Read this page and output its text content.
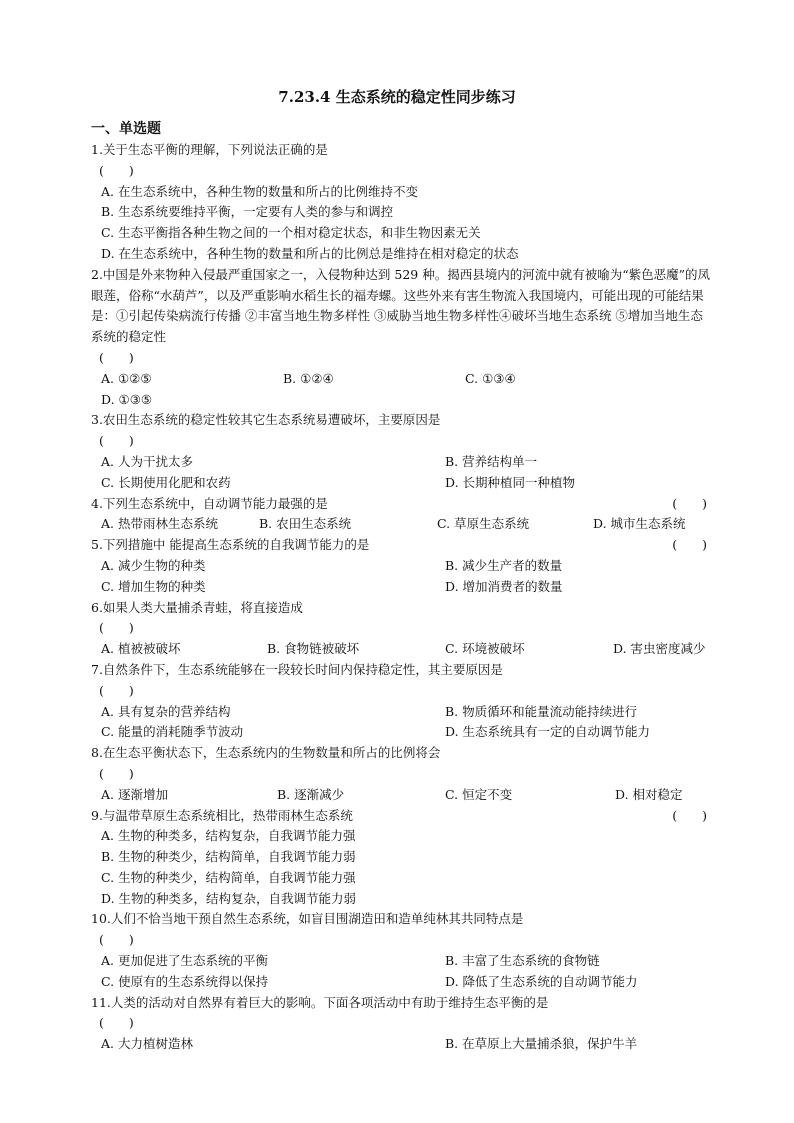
7.23.4 生态系统的稳定性同步练习
一、单选题
1.关于生态平衡的理解，下列说法正确的是
(　　)
A. 在生态系统中，各种生物的数量和所占的比例维持不变
B. 生态系统要维持平衡，一定要有人类的参与和调控
C. 生态平衡指各种生物之间的一个相对稳定状态，和非生物因素无关
D. 在生态系统中，各种生物的数量和所占的比例总是维持在相对稳定的状态
2.中国是外来物种入侵最严重国家之一，入侵物种达到 529 种。揭西县境内的河流中就有被喻为“紫色恶魔”的凤眼莲，俗称“水葫芦”，以及严重影响水稻生长的福寿螺。这些外来有害生物流入我国境内，可能出现的可能结果是：①引起传染病流行传播 ②丰富当地生物多样性 ③威胁当地生物多样性④破坏当地生态系统 ⑤增加当地生态系统的稳定性
(　　)
A. ①②⑤	B. ①②④	C. ①③④
D. ①③⑤
3.农田生态系统的稳定性较其它生态系统易遭破坏，主要原因是
(　　)
A. 人为干扰太多	B. 营养结构单一
C. 长期使用化肥和农药	D. 长期种植同一种植物
4.下列生态系统中，自动调节能力最强的是	(　　)
A. 热带雨林生态系统	B. 农田生态系统	C. 草原生态系统	D. 城市生态系统
5.下列措施中 能提高生态系统的自我调节能力的是	(　　)
A. 减少生物的种类	B. 减少生产者的数量
C. 增加生物的种类	D. 增加消费者的数量
6.如果人类大量捕杀青蛙，将直接造成
(　　)
A. 植被被破坏	B. 食物链被破坏	C. 环境被破坏	D. 害虫密度减少
7.自然条件下，生态系统能够在一段较长时间内保持稳定性，其主要原因是
(　　)
A. 具有复杂的营养结构	B. 物质循环和能量流动能持续进行
C. 能量的消耗随季节波动	D. 生态系统具有一定的自动调节能力
8.在生态平衡状态下，生态系统内的生物数量和所占的比例将会
(　　)
A. 逐渐增加	B. 逐渐减少	C. 恒定不变	D. 相对稳定
9.与温带草原生态系统相比，热带雨林生态系统	(　　)
A. 生物的种类多，结构复杂，自我调节能力强
B. 生物的种类少，结构简单，自我调节能力弱
C. 生物的种类少，结构简单，自我调节能力强
D. 生物的种类多，结构复杂，自我调节能力弱
10.人们不恰当地干预自然生态系统，如盲目围湖造田和造单纯林其共同特点是
(　　)
A. 更加促进了生态系统的平衡	B. 丰富了生态系统的食物链
C. 使原有的生态系统得以保持	D. 降低了生态系统的自动调节能力
11.人类的活动对自然界有着巨大的影响。下面各项活动中有助于维持生态平衡的是
(　　)
A. 大力植树造林	B. 在草原上大量捕杀狼，保护牛羊
